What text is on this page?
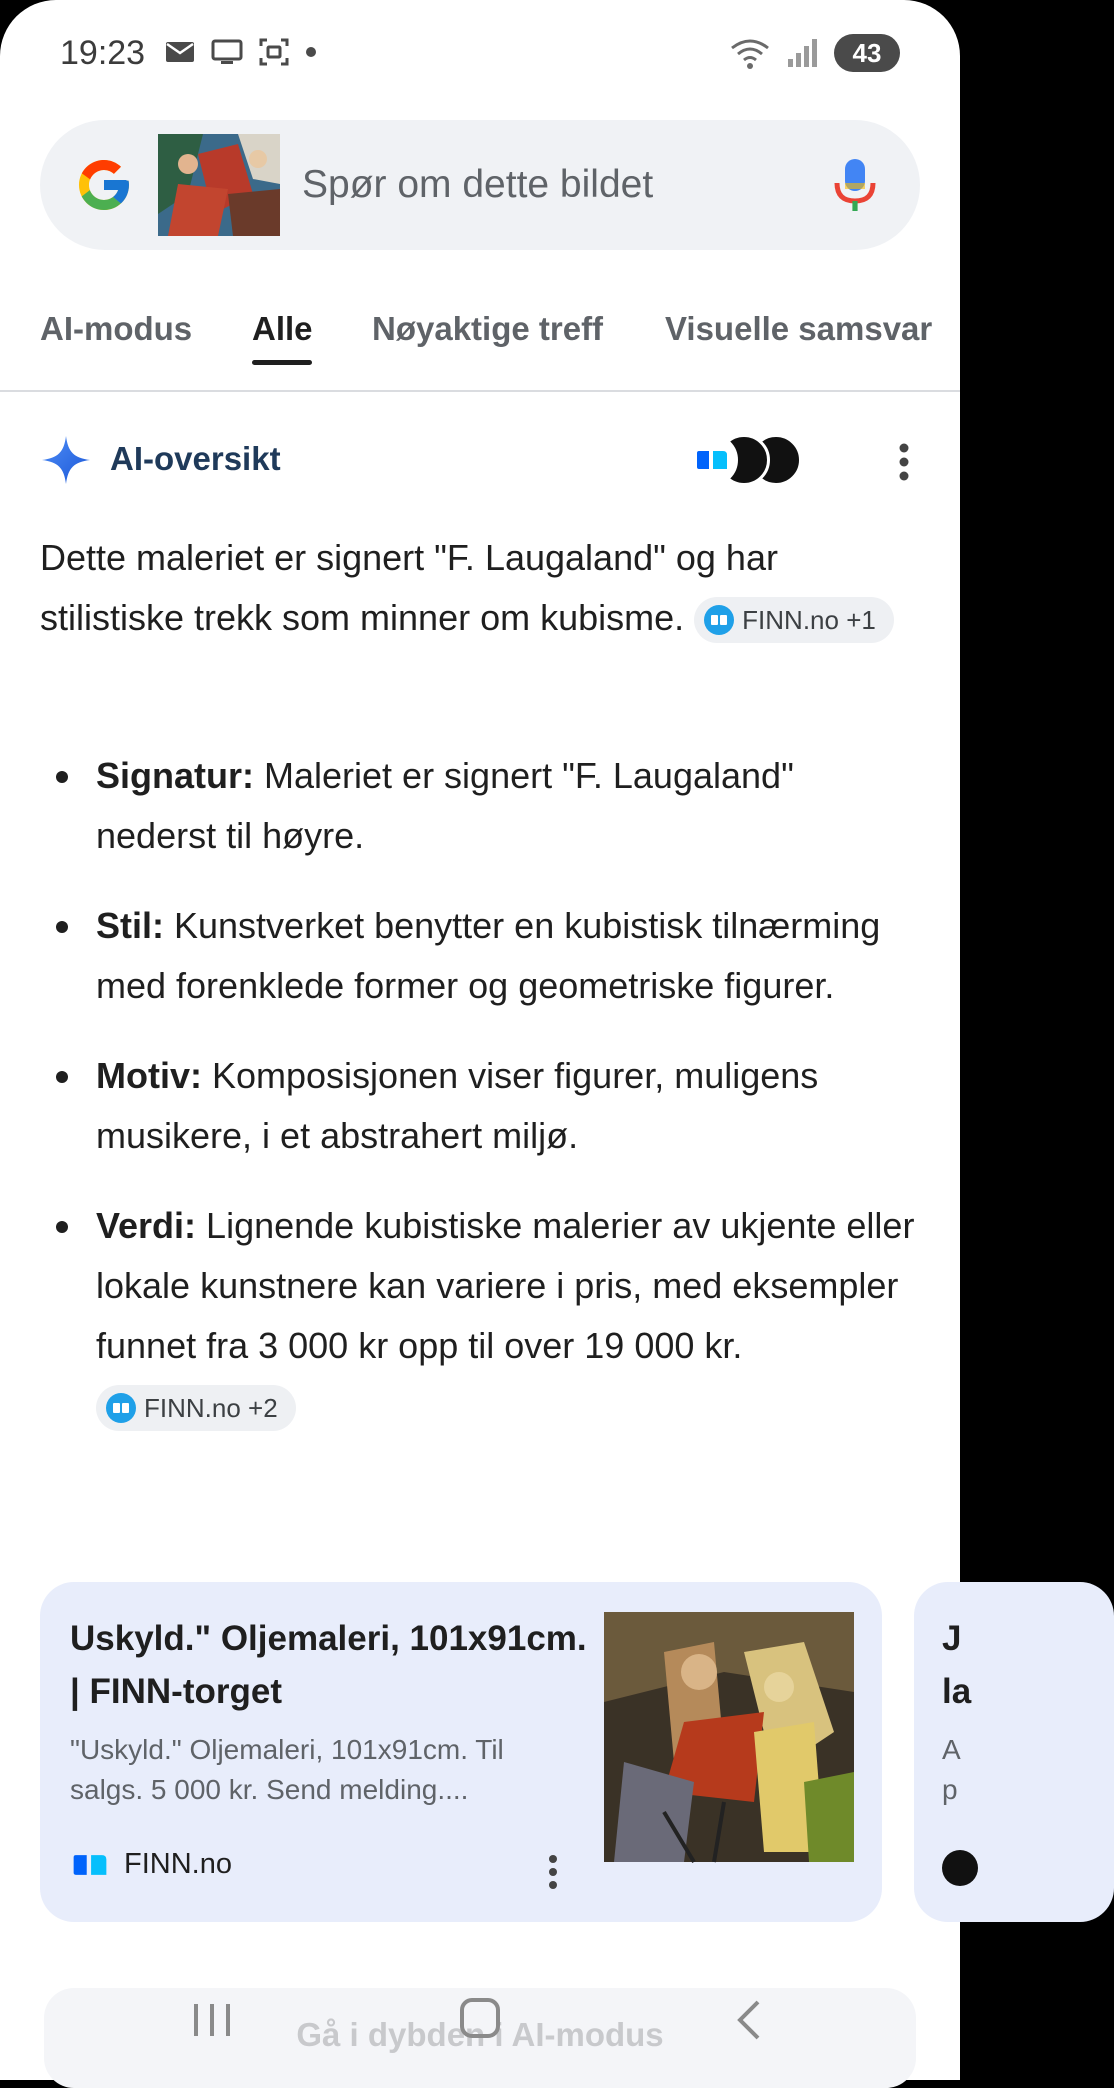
19:23	43
Spør om dette bildet
AI-modus Alle Nøyaktige treff Visuelle samsvar
AI-oversikt
Dette maleriet er signert "F. Laugaland" og har stilistiske trekk som minner om kubisme. FINN.no +1
Signatur: Maleriet er signert "F. Laugaland" nederst til høyre.
Stil: Kunstverket benytter en kubistisk tilnærming med forenklede former og geometriske figurer.
Motiv: Komposisjonen viser figurer, muligens musikere, i et abstrahert miljø.
Verdi: Lignende kubistiske malerier av ukjente eller lokale kunstnere kan variere i pris, med eksempler funnet fra 3 000 kr opp til over 19 000 kr.
FINN.no +2
Uskyld." Oljemaleri, 101x91cm. | FINN-torget
"Uskyld." Oljemaleri, 101x91cm. Til salgs. 5 000 kr. Send melding....
FINN.no
J
la
A
p
Gå i dybden i AI-modus
